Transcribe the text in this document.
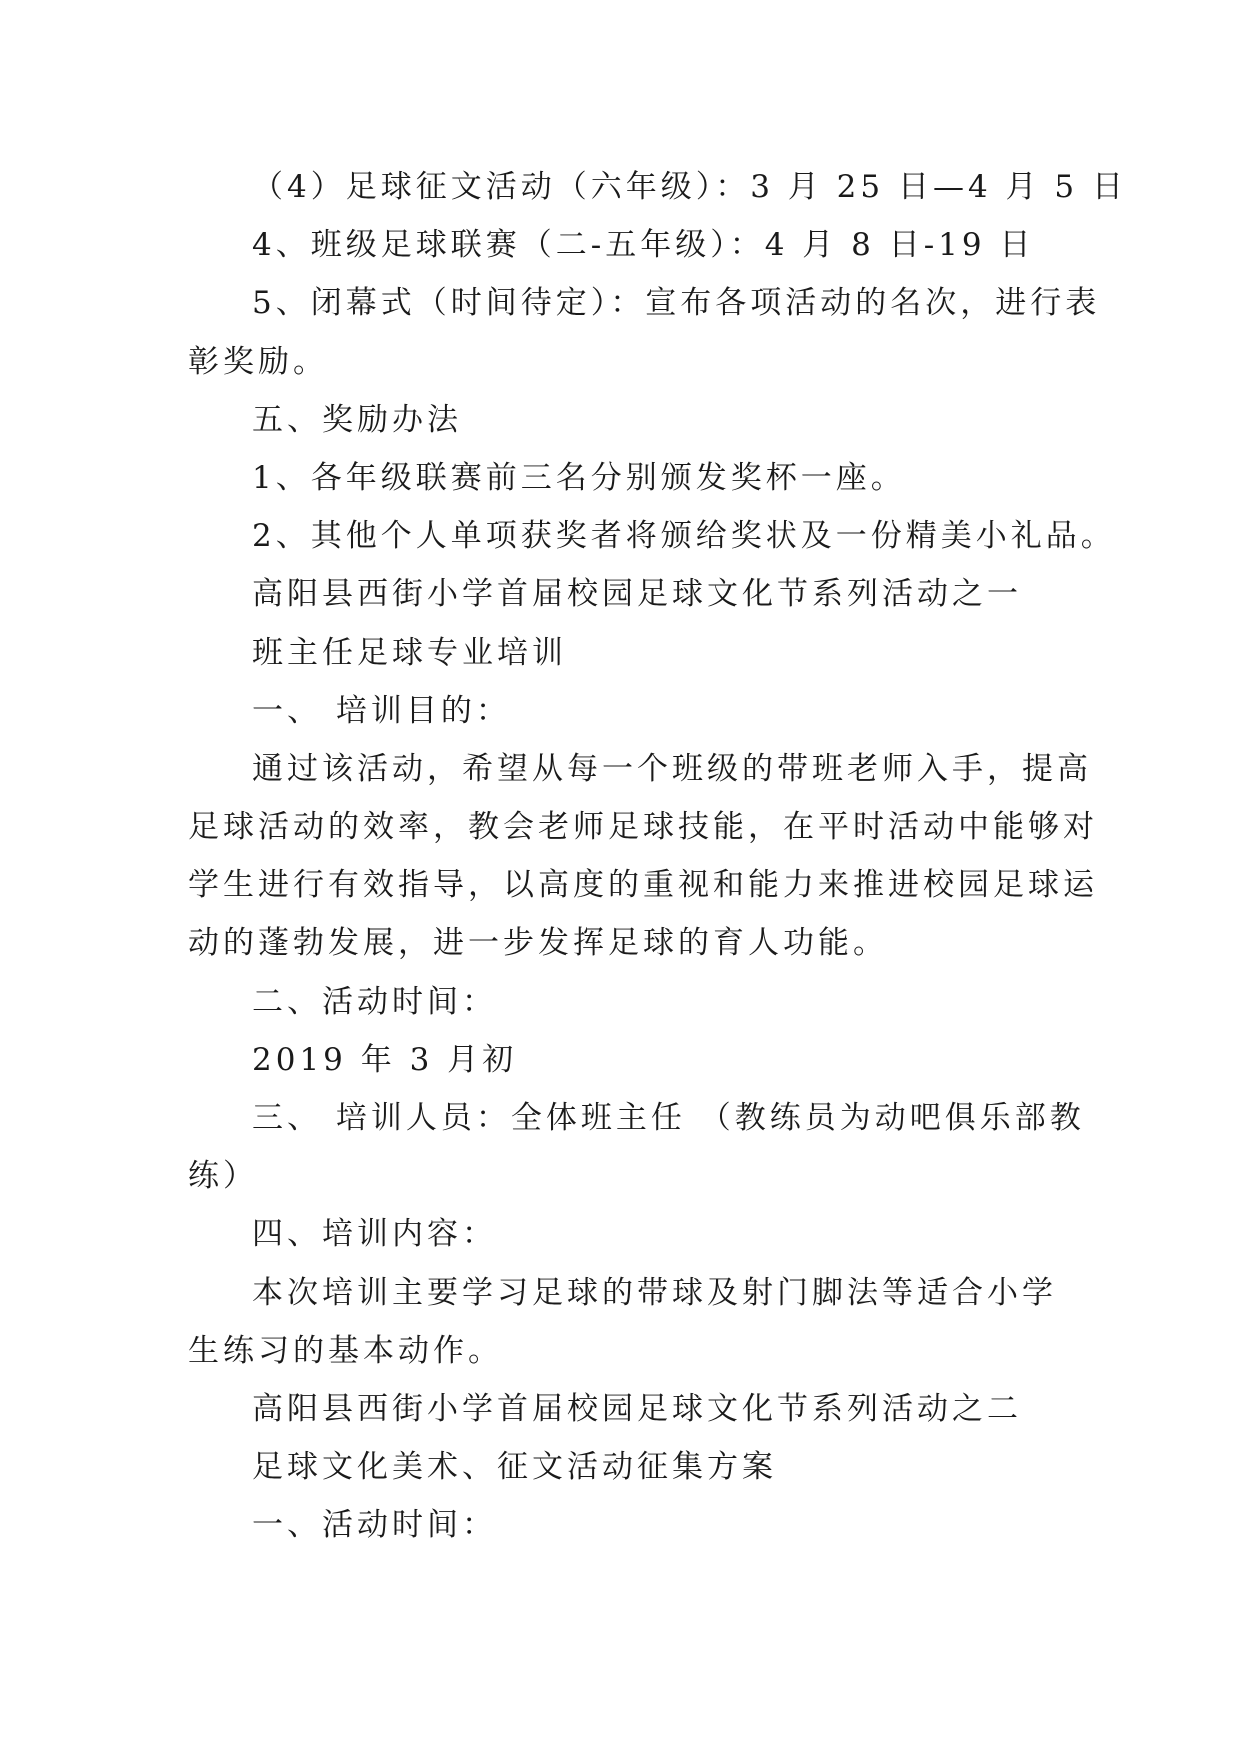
（4）足球征文活动（六年级）：3 月 25 日—4 月 5 日
4、班级足球联赛（二-五年级）：4 月 8 日-19 日
5、闭幕式（时间待定）：宣布各项活动的名次，进行表
彰奖励。
五、奖励办法
1、各年级联赛前三名分别颁发奖杯一座。
2、其他个人单项获奖者将颁给奖状及一份精美小礼品。
高阳县西街小学首届校园足球文化节系列活动之一
班主任足球专业培训
一、 培训目的：
通过该活动，希望从每一个班级的带班老师入手，提高
足球活动的效率，教会老师足球技能，在平时活动中能够对
学生进行有效指导，以高度的重视和能力来推进校园足球运
动的蓬勃发展，进一步发挥足球的育人功能。
二、活动时间：
2019 年 3 月初
三、 培训人员：全体班主任 （教练员为动吧俱乐部教
练）
四、培训内容：
本次培训主要学习足球的带球及射门脚法等适合小学
生练习的基本动作。
高阳县西街小学首届校园足球文化节系列活动之二
足球文化美术、征文活动征集方案
一、活动时间：
